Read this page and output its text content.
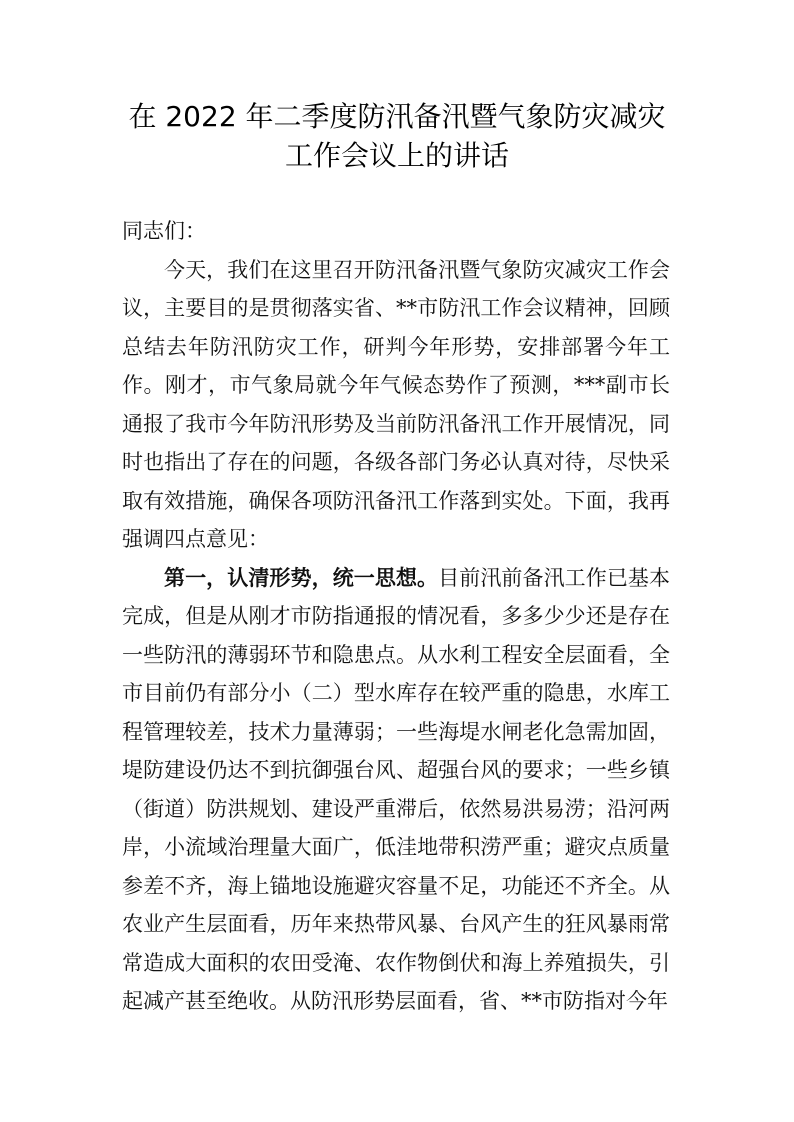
在 2022 年二季度防汛备汛暨气象防灾减灾
工作会议上的讲话

同志们：

今天，我们在这里召开防汛备汛暨气象防灾减灾工作会议，主要目的是贯彻落实省、**市防汛工作会议精神，回顾总结去年防汛防灾工作，研判今年形势，安排部署今年工作。刚才，市气象局就今年气候态势作了预测，***副市长通报了我市今年防汛形势及当前防汛备汛工作开展情况，同时也指出了存在的问题，各级各部门务必认真对待，尽快采取有效措施，确保各项防汛备汛工作落到实处。下面，我再强调四点意见：

第一，认清形势，统一思想。目前汛前备汛工作已基本完成，但是从刚才市防指通报的情况看，多多少少还是存在一些防汛的薄弱环节和隐患点。从水利工程安全层面看，全市目前仍有部分小（二）型水库存在较严重的隐患，水库工程管理较差，技术力量薄弱；一些海堤水闸老化急需加固， 堤防建设仍达不到抗御强台风、超强台风的要求；一些乡镇（街道）防洪规划、建设严重滞后，依然易洪易涝；沿河两岸，小流域治理量大面广，低洼地带积涝严重；避灾点质量参差不齐，海上锚地设施避灾容量不足，功能还不齐全。从农业产生层面看，历年来热带风暴、台风产生的狂风暴雨常常造成大面积的农田受淹、农作物倒伏和海上养殖损失，引起减产甚至绝收。从防汛形势层面看，省、**市防指对今年
